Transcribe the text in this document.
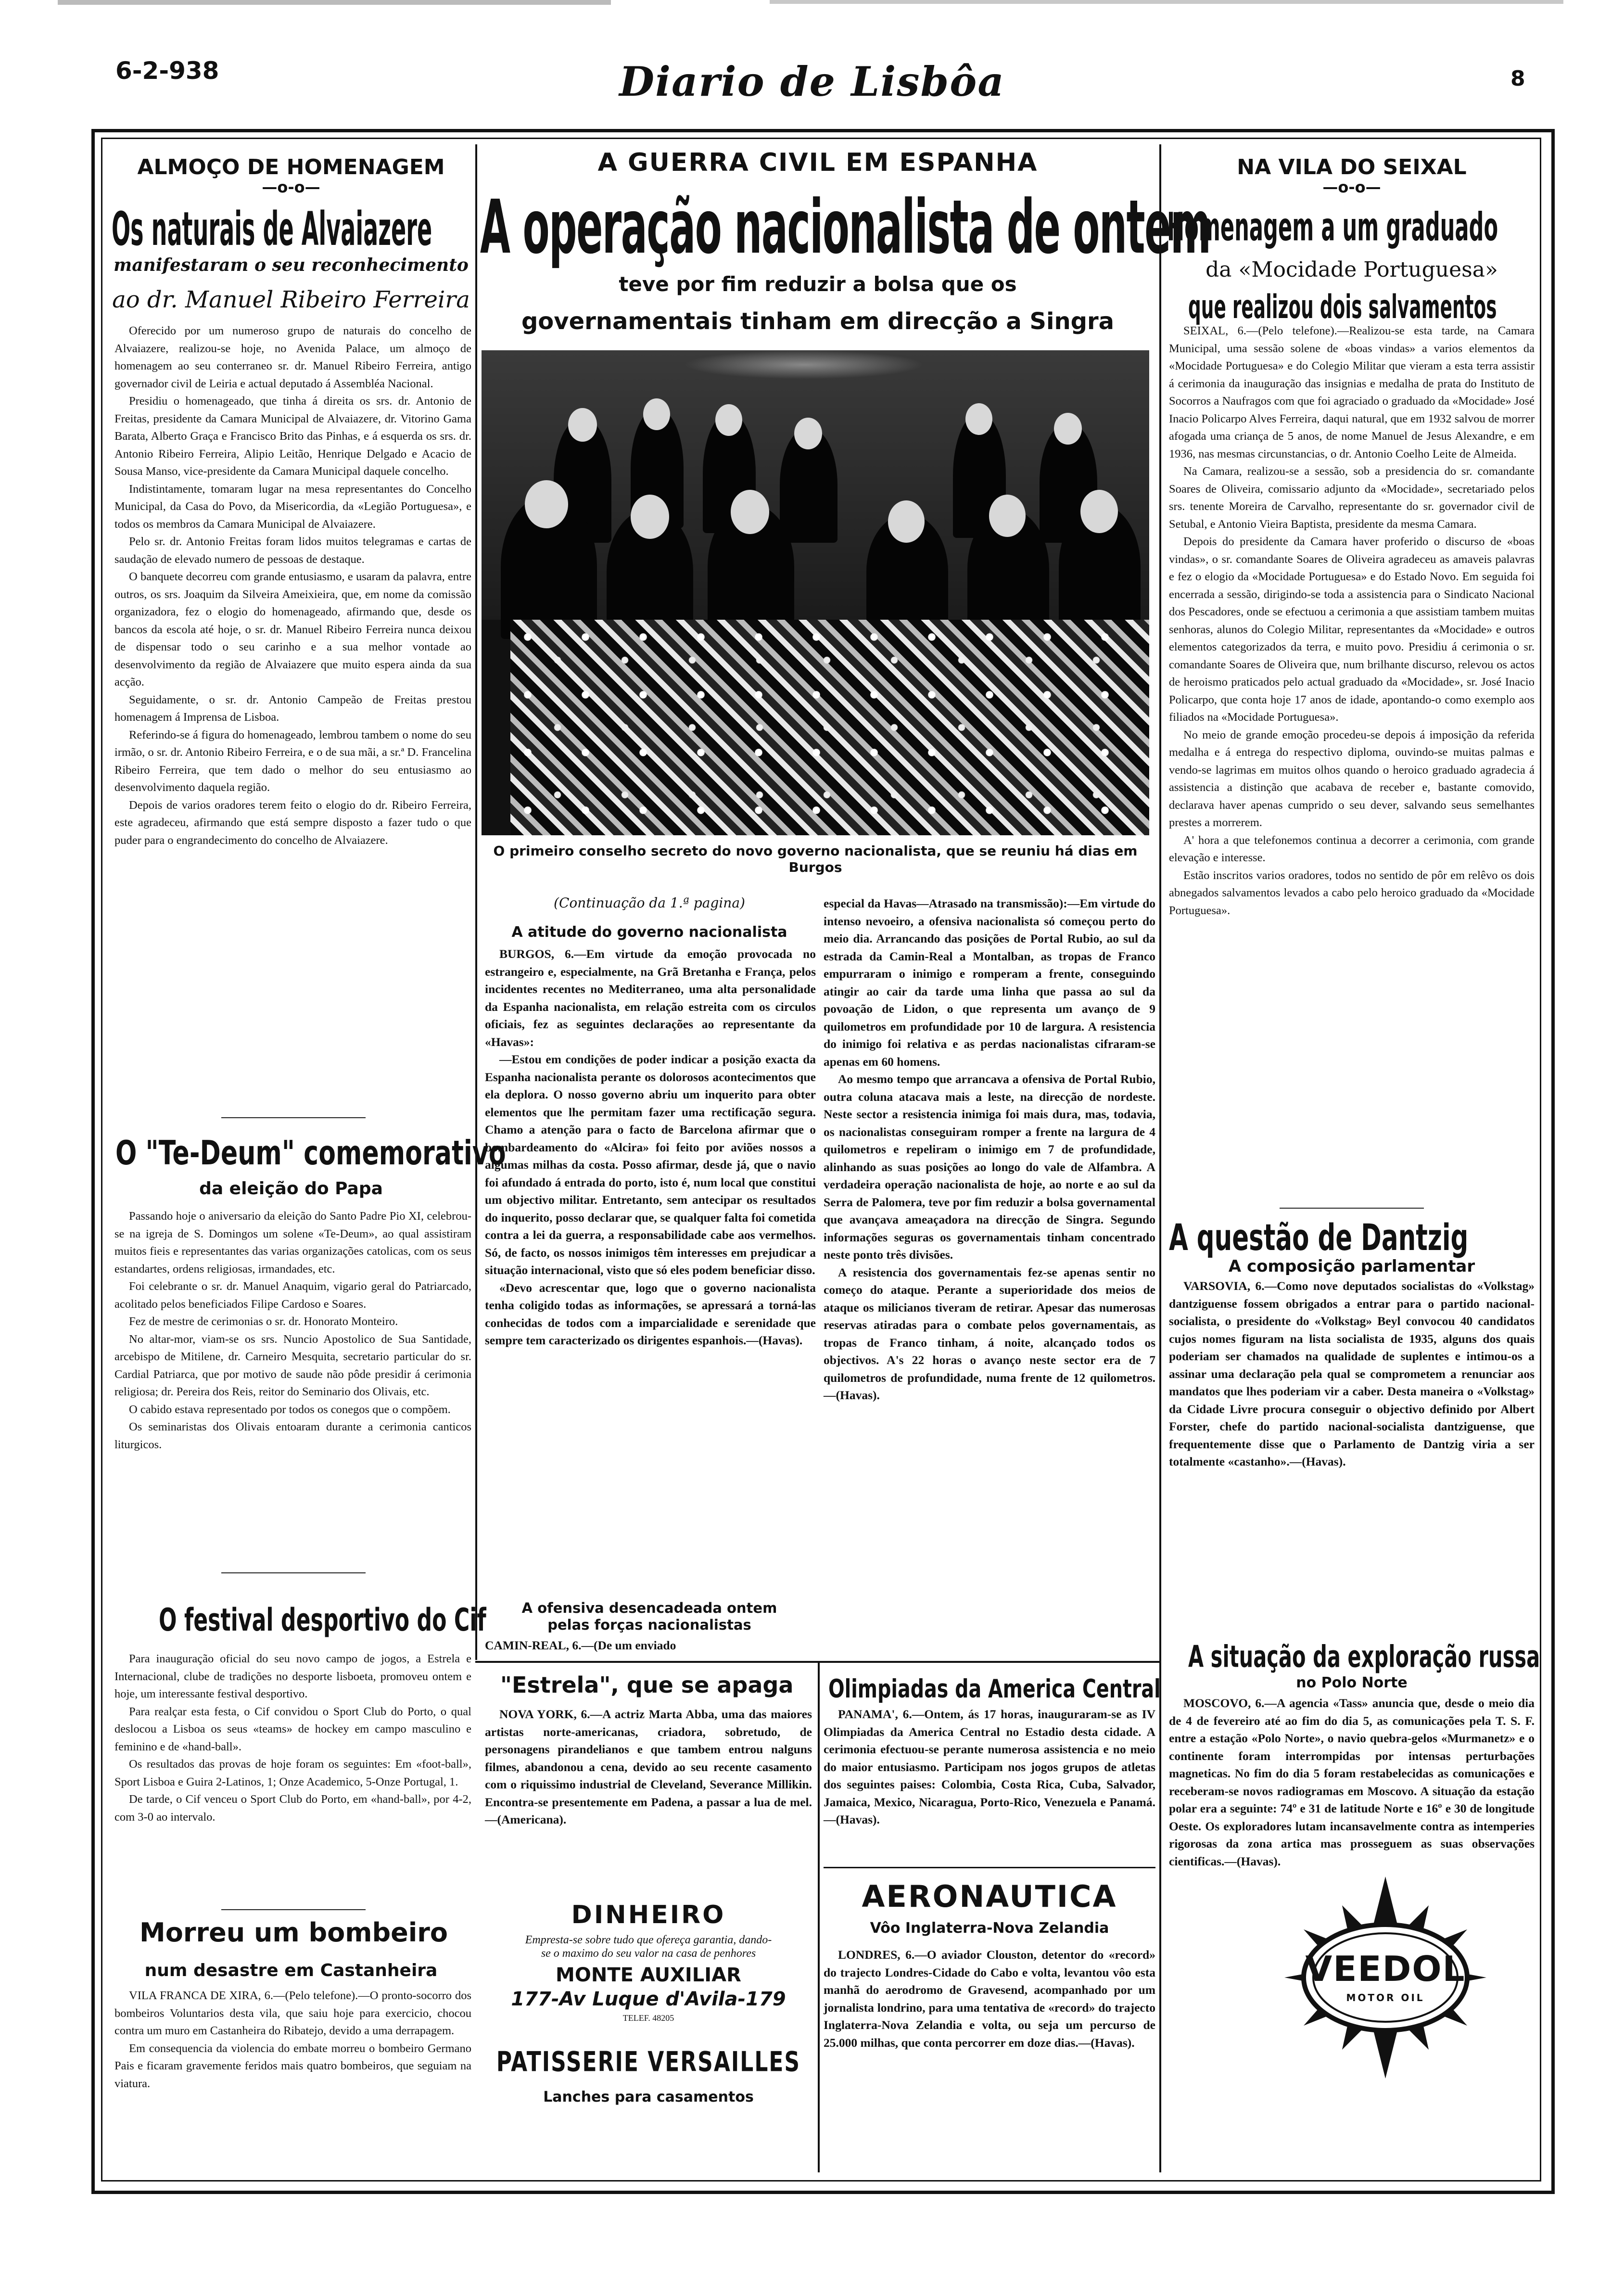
6-2-938	Diario de Lisbôa	8
ALMOÇO DE HOMENAGEM
—o-o—
Os naturais de Alvaiazere
manifestaram o seu reconhecimento
ao dr. Manuel Ribeiro Ferreira

Oferecido por um numeroso grupo de naturais do concelho de Alvaiazere, realizou-se hoje, no Avenida Palace, um almoço de homenagem ao seu conterraneo sr. dr. Manuel Ribeiro Ferreira, antigo governador civil de Leiria e actual deputado á Assembléa Nacional.

Presidiu o homenageado, que tinha á direita os srs. dr. Antonio de Freitas, presidente da Camara Municipal de Alvaiazere, dr. Vitorino Gama Barata, Alberto Graça e Francisco Brito das Pinhas, e á esquerda os srs. dr. Antonio Ribeiro Ferreira, Alipio Leitão, Henrique Delgado e Acacio de Sousa Manso, vice-presidente da Camara Municipal daquele concelho.

Indistintamente, tomaram lugar na mesa representantes do Concelho Municipal, da Casa do Povo, da Misericordia, da «Legião Portuguesa», e todos os membros da Camara Municipal de Alvaiazere.

Pelo sr. dr. Antonio Freitas foram lidos muitos telegramas e cartas de saudação de elevado numero de pessoas de destaque.

O banquete decorreu com grande entusiasmo, e usaram da palavra, entre outros, os srs. Joaquim da Silveira Ameixieira, que, em nome da comissão organizadora, fez o elogio do homenageado, afirmando que, desde os bancos da escola até hoje, o sr. dr. Manuel Ribeiro Ferreira nunca deixou de dispensar todo o seu carinho e a sua melhor vontade ao desenvolvimento da região de Alvaiazere que muito espera ainda da sua acção.

Seguidamente, o sr. dr. Antonio Campeão de Freitas prestou homenagem á Imprensa de Lisboa.

Referindo-se á figura do homenageado, lembrou tambem o nome do seu irmão, o sr. dr. Antonio Ribeiro Ferreira, e o de sua mãi, a sr.ª D. Francelina Ribeiro Ferreira, que tem dado o melhor do seu entusiasmo ao desenvolvimento daquela região.

Depois de varios oradores terem feito o elogio do dr. Ribeiro Ferreira, este agradeceu, afirmando que está sempre disposto a fazer tudo o que puder para o engrandecimento do concelho de Alvaiazere.

O "Te-Deum" comemorativo
da eleição do Papa

Passando hoje o aniversario da eleição do Santo Padre Pio XI, celebrou-se na igreja de S. Domingos um solene «Te-Deum», ao qual assistiram muitos fieis e representantes das varias organizações catolicas, com os seus estandartes, ordens religiosas, irmandades, etc.

Foi celebrante o sr. dr. Manuel Anaquim, vigario geral do Patriarcado, acolitado pelos beneficiados Filipe Cardoso e Soares.

Fez de mestre de cerimonias o sr. dr. Honorato Monteiro.

No altar-mor, viam-se os srs. Nuncio Apostolico de Sua Santidade, arcebispo de Mitilene, dr. Carneiro Mesquita, secretario particular do sr. Cardial Patriarca, que por motivo de saude não pôde presidir á cerimonia religiosa; dr. Pereira dos Reis, reitor do Seminario dos Olivais, etc.

O cabido estava representado por todos os conegos que o compõem.

Os seminaristas dos Olivais entoaram durante a cerimonia canticos liturgicos.

O festival desportivo do Cif

Para inauguração oficial do seu novo campo de jogos, a Estrela e Internacional, clube de tradições no desporte lisboeta, promoveu ontem e hoje, um interessante festival desportivo.

Para realçar esta festa, o Cif convidou o Sport Club do Porto, o qual deslocou a Lisboa os seus «teams» de hockey em campo masculino e feminino e de «hand-ball».

Os resultados das provas de hoje foram os seguintes: Em «foot-ball», Sport Lisboa e Guira 2-Latinos, 1; Onze Academico, 5-Onze Portugal, 1.

De tarde, o Cif venceu o Sport Club do Porto, em «hand-ball», por 4-2, com 3-0 ao intervalo.

Morreu um bombeiro
num desastre em Castanheira

VILA FRANCA DE XIRA, 6.—(Pelo telefone).—O pronto-socorro dos bombeiros Voluntarios desta vila, que saiu hoje para exercicio, chocou contra um muro em Castanheira do Ribatejo, devido a uma derrapagem.

Em consequencia da violencia do embate morreu o bombeiro Germano Pais e ficaram gravemente feridos mais quatro bombeiros, que seguiam na viatura.

A GUERRA CIVIL EM ESPANHA
A operação nacionalista de ontem
teve por fim reduzir a bolsa que os
governamentais tinham em direcção a Singra
O primeiro conselho secreto do novo governo nacionalista, que se reuniu há dias em Burgos
(Continuação da 1.ª pagina)
A atitude do governo nacionalista

BURGOS, 6.—Em virtude da emoção provocada no estrangeiro e, especialmente, na Grã Bretanha e França, pelos incidentes recentes no Mediterraneo, uma alta personalidade da Espanha nacionalista, em relação estreita com os circulos oficiais, fez as seguintes declarações ao representante da «Havas»:

—Estou em condições de poder indicar a posição exacta da Espanha nacionalista perante os dolorosos acontecimentos que ela deplora. O nosso governo abriu um inquerito para obter elementos que lhe permitam fazer uma rectificação segura. Chamo a atenção para o facto de Barcelona afirmar que o bombardeamento do «Alcira» foi feito por aviões nossos a algumas milhas da costa. Posso afirmar, desde já, que o navio foi afundado á entrada do porto, isto é, num local que constitui um objectivo militar. Entretanto, sem antecipar os resultados do inquerito, posso declarar que, se qualquer falta foi cometida contra a lei da guerra, a responsabilidade cabe aos vermelhos. Só, de facto, os nossos inimigos têm interesses em prejudicar a situação internacional, visto que só eles podem beneficiar disso.

«Devo acrescentar que, logo que o governo nacionalista tenha coligido todas as informações, se apressará a torná-las conhecidas de todos com a imparcialidade e serenidade que sempre tem caracterizado os dirigentes espanhois.—(Havas).

A ofensiva desencadeada ontem
pelas forças nacionalistas

CAMIN-REAL, 6.—(De um enviado

especial da Havas—Atrasado na transmissão):—Em virtude do intenso nevoeiro, a ofensiva nacionalista só começou perto do meio dia. Arrancando das posições de Portal Rubio, ao sul da estrada da Camin-Real a Montalban, as tropas de Franco empurraram o inimigo e romperam a frente, conseguindo atingir ao cair da tarde uma linha que passa ao sul da povoação de Lidon, o que representa um avanço de 9 quilometros em profundidade por 10 de largura. A resistencia do inimigo foi relativa e as perdas nacionalistas cifraram-se apenas em 60 homens.

Ao mesmo tempo que arrancava a ofensiva de Portal Rubio, outra coluna atacava mais a leste, na direcção de nordeste. Neste sector a resistencia inimiga foi mais dura, mas, todavia, os nacionalistas conseguiram romper a frente na largura de 4 quilometros e repeliram o inimigo em 7 de profundidade, alinhando as suas posições ao longo do vale de Alfambra. A verdadeira operação nacionalista de hoje, ao norte e ao sul da Serra de Palomera, teve por fim reduzir a bolsa governamental que avançava ameaçadora na direcção de Singra. Segundo informações seguras os governamentais tinham concentrado neste ponto três divisões.

A resistencia dos governamentais fez-se apenas sentir no começo do ataque. Perante a superioridade dos meios de ataque os milicianos tiveram de retirar. Apesar das numerosas reservas atiradas para o combate pelos governamentais, as tropas de Franco tinham, á noite, alcançado todos os objectivos. A's 22 horas o avanço neste sector era de 7 quilometros de profundidade, numa frente de 12 quilometros.—(Havas).

"Estrela", que se apaga

NOVA YORK, 6.—A actriz Marta Abba, uma das maiores artistas norte-americanas, criadora, sobretudo, de personagens pirandelianos e que tambem entrou nalguns filmes, abandonou a cena, devido ao seu recente casamento com o riquissimo industrial de Cleveland, Severance Millikin. Encontra-se presentemente em Padena, a passar a lua de mel.—(Americana).

DINHEIRO
Empresta-se sobre tudo que ofereça garantia, dando-se o maximo do seu valor na casa de penhores
MONTE AUXILIAR
177-Av Luque d'Avila-179
TELEF. 48205
PATISSERIE VERSAILLES
Lanches para casamentos
Olimpiadas da America Central

PANAMA', 6.—Ontem, ás 17 horas, inauguraram-se as IV Olimpiadas da America Central no Estadio desta cidade. A cerimonia efectuou-se perante numerosa assistencia e no meio do maior entusiasmo. Participam nos jogos grupos de atletas dos seguintes paises: Colombia, Costa Rica, Cuba, Salvador, Jamaica, Mexico, Nicaragua, Porto-Rico, Venezuela e Panamá.—(Havas).

AERONAUTICA
Vôo Inglaterra-Nova Zelandia

LONDRES, 6.—O aviador Clouston, detentor do «record» do trajecto Londres-Cidade do Cabo e volta, levantou vôo esta manhã do aerodromo de Gravesend, acompanhado por um jornalista londrino, para uma tentativa de «record» do trajecto Inglaterra-Nova Zelandia e volta, ou seja um percurso de 25.000 milhas, que conta percorrer em doze dias.—(Havas).

NA VILA DO SEIXAL
—o-o—
Homenagem a um graduado
da «Mocidade Portuguesa»
que realizou dois salvamentos

SEIXAL, 6.—(Pelo telefone).—Realizou-se esta tarde, na Camara Municipal, uma sessão solene de «boas vindas» a varios elementos da «Mocidade Portuguesa» e do Colegio Militar que vieram a esta terra assistir á cerimonia da inauguração das insignias e medalha de prata do Instituto de Socorros a Naufragos com que foi agraciado o graduado da «Mocidade» José Inacio Policarpo Alves Ferreira, daqui natural, que em 1932 salvou de morrer afogada uma criança de 5 anos, de nome Manuel de Jesus Alexandre, e em 1936, nas mesmas circunstancias, o dr. Antonio Coelho Leite de Almeida.

Na Camara, realizou-se a sessão, sob a presidencia do sr. comandante Soares de Oliveira, comissario adjunto da «Mocidade», secretariado pelos srs. tenente Moreira de Carvalho, representante do sr. governador civil de Setubal, e Antonio Vieira Baptista, presidente da mesma Camara.

Depois do presidente da Camara haver proferido o discurso de «boas vindas», o sr. comandante Soares de Oliveira agradeceu as amaveis palavras e fez o elogio da «Mocidade Portuguesa» e do Estado Novo. Em seguida foi encerrada a sessão, dirigindo-se toda a assistencia para o Sindicato Nacional dos Pescadores, onde se efectuou a cerimonia a que assistiam tambem muitas senhoras, alunos do Colegio Militar, representantes da «Mocidade» e outros elementos categorizados da terra, e muito povo. Presidiu á cerimonia o sr. comandante Soares de Oliveira que, num brilhante discurso, relevou os actos de heroismo praticados pelo actual graduado da «Mocidade», sr. José Inacio Policarpo, que conta hoje 17 anos de idade, apontando-o como exemplo aos filiados na «Mocidade Portuguesa».

No meio de grande emoção procedeu-se depois á imposição da referida medalha e á entrega do respectivo diploma, ouvindo-se muitas palmas e vendo-se lagrimas em muitos olhos quando o heroico graduado agradecia á assistencia a distinção que acabava de receber e, bastante comovido, declarava haver apenas cumprido o seu dever, salvando seus semelhantes prestes a morrerem.

A' hora a que telefonemos continua a decorrer a cerimonia, com grande elevação e interesse.

Estão inscritos varios oradores, todos no sentido de pôr em relêvo os dois abnegados salvamentos levados a cabo pelo heroico graduado da «Mocidade Portuguesa».

A questão de Dantzig
A composição parlamentar

VARSOVIA, 6.—Como nove deputados socialistas do «Volkstag» dantziguense fossem obrigados a entrar para o partido nacional-socialista, o presidente do «Volkstag» Beyl convocou 40 candidatos cujos nomes figuram na lista socialista de 1935, alguns dos quais poderiam ser chamados na qualidade de suplentes e intimou-os a assinar uma declaração pela qual se comprometem a renunciar aos mandatos que lhes poderiam vir a caber. Desta maneira o «Volkstag» da Cidade Livre procura conseguir o objectivo definido por Albert Forster, chefe do partido nacional-socialista dantziguense, que frequentemente disse que o Parlamento de Dantzig viria a ser totalmente «castanho».—(Havas).

A situação da exploração russa
no Polo Norte

MOSCOVO, 6.—A agencia «Tass» anuncia que, desde o meio dia de 4 de fevereiro até ao fim do dia 5, as comunicações pela T. S. F. entre a estação «Polo Norte», o navio quebra-gelos «Murmanetz» e o continente foram interrompidas por intensas perturbações magneticas. No fim do dia 5 foram restabelecidas as comunicações e receberam-se novos radiogramas em Moscovo. A situação da estação polar era a seguinte: 74º e 31 de latitude Norte e 16º e 30 de longitude Oeste. Os exploradores lutam incansavelmente contra as intemperies rigorosas da zona artica mas prosseguem as suas observações cientificas.—(Havas).

VEEDOL
MOTOR OIL
